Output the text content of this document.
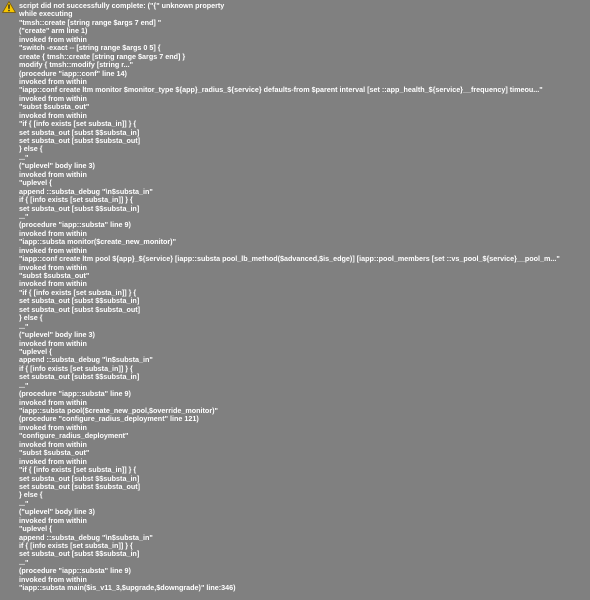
script did not successfully complete: ("{" unknown property
while executing
"tmsh::create [string range $args 7 end] "
("create" arm line 1)
invoked from within
"switch -exact -- [string range $args 0 5] {
create { tmsh::create [string range $args 7 end] }
modify { tmsh::modify [string r..."
(procedure "iapp::conf" line 14)
invoked from within
"iapp::conf create ltm monitor $monitor_type ${app}_radius_${service} defaults-from $parent interval [set ::app_health_${service}__frequency] timeou..."
invoked from within
"subst $substa_out"
invoked from within
"if { [info exists [set substa_in]] } {
set substa_out [subst $$substa_in]
set substa_out [subst $substa_out]
} else {
..."
("uplevel" body line 3)
invoked from within
"uplevel {
append ::substa_debug "\n$substa_in"
if { [info exists [set substa_in]] } {
set substa_out [subst $$substa_in]
..."
(procedure "iapp::substa" line 9)
invoked from within
"iapp::substa monitor($create_new_monitor)"
invoked from within
"iapp::conf create ltm pool ${app}_${service} [iapp::substa pool_lb_method($advanced,$is_edge)] [iapp::pool_members [set ::vs_pool_${service}__pool_m..."
invoked from within
"subst $substa_out"
invoked from within
"if { [info exists [set substa_in]] } {
set substa_out [subst $$substa_in]
set substa_out [subst $substa_out]
} else {
..."
("uplevel" body line 3)
invoked from within
"uplevel {
append ::substa_debug "\n$substa_in"
if { [info exists [set substa_in]] } {
set substa_out [subst $$substa_in]
..."
(procedure "iapp::substa" line 9)
invoked from within
"iapp::substa pool($create_new_pool,$override_monitor)"
(procedure "configure_radius_deployment" line 121)
invoked from within
"configure_radius_deployment"
invoked from within
"subst $substa_out"
invoked from within
"if { [info exists [set substa_in]] } {
set substa_out [subst $$substa_in]
set substa_out [subst $substa_out]
} else {
..."
("uplevel" body line 3)
invoked from within
"uplevel {
append ::substa_debug "\n$substa_in"
if { [info exists [set substa_in]] } {
set substa_out [subst $$substa_in]
..."
(procedure "iapp::substa" line 9)
invoked from within
"iapp::substa main($is_v11_3,$upgrade,$downgrade)" line:346)
